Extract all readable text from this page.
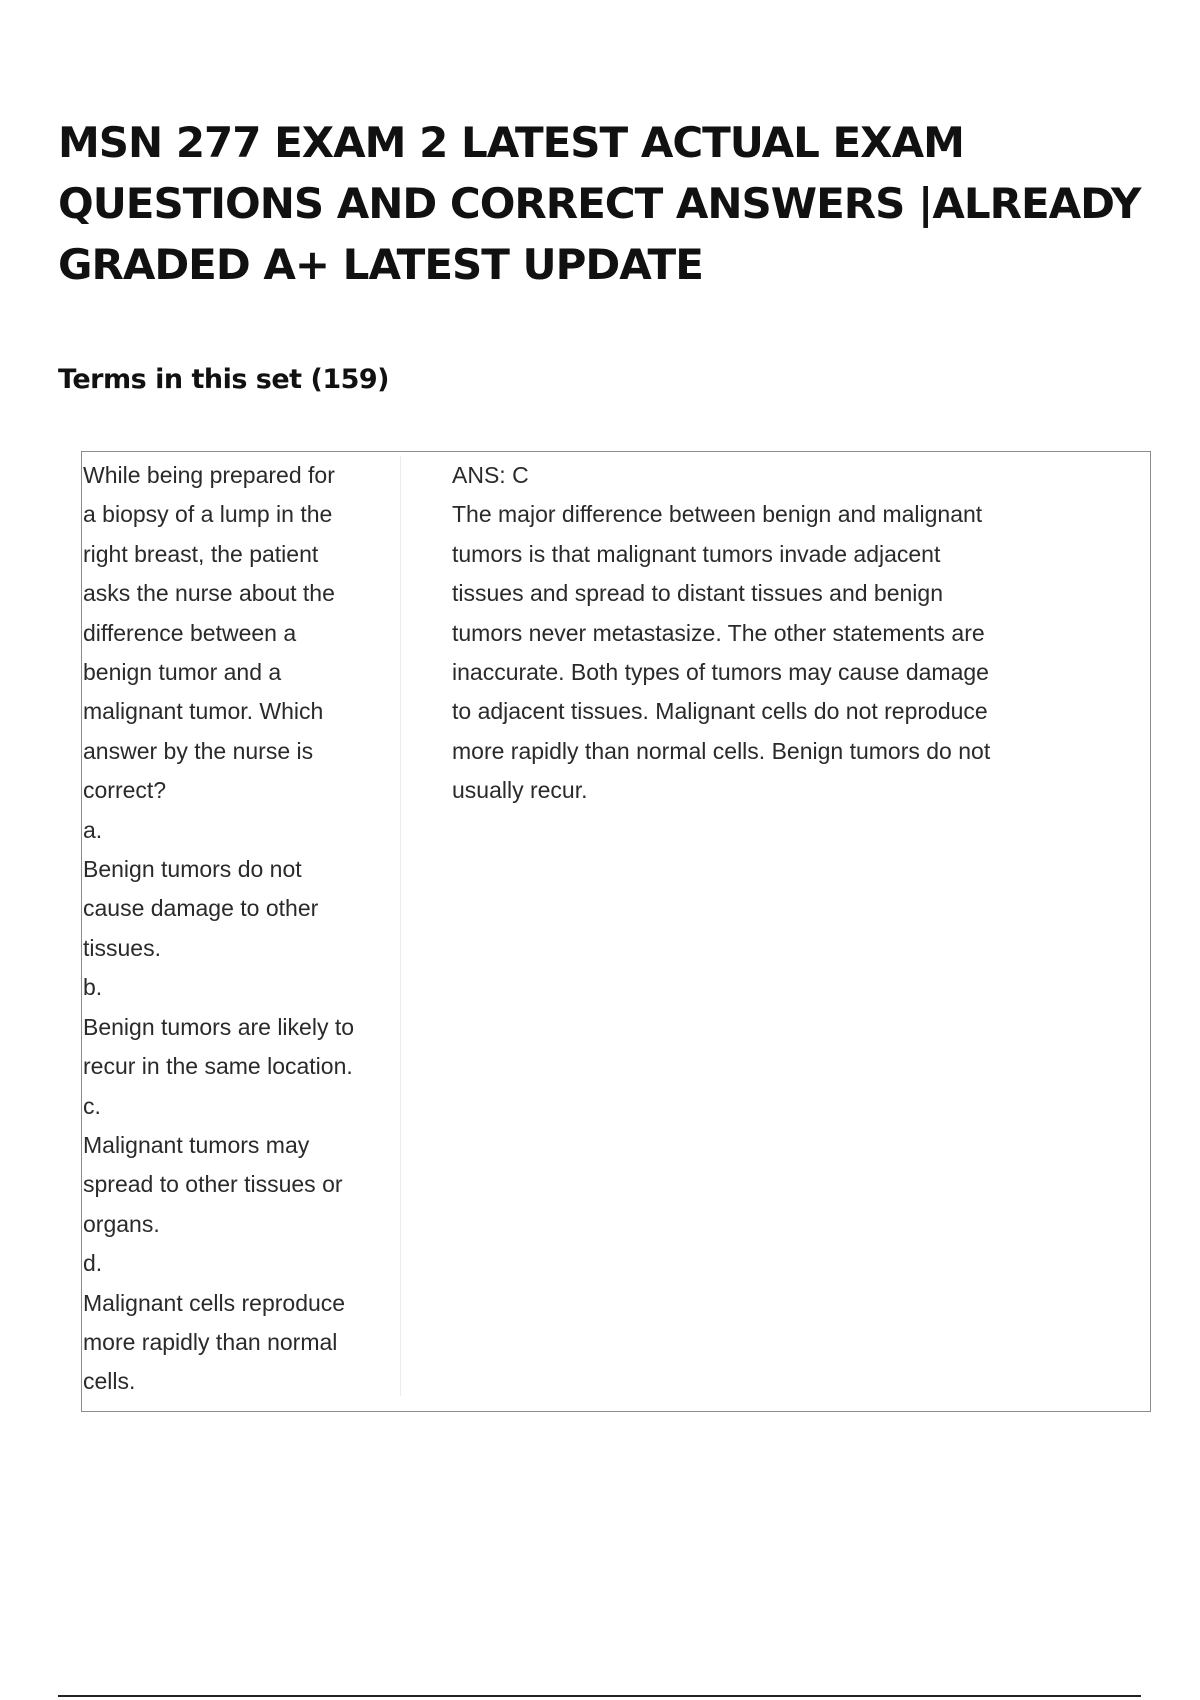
MSN 277 EXAM 2 LATEST ACTUAL EXAM
QUESTIONS AND CORRECT ANSWERS |ALREADY
GRADED A+ LATEST UPDATE
Terms in this set (159)
While being prepared for
a biopsy of a lump in the
right breast, the patient
asks the nurse about the
difference between a
benign tumor and a
malignant tumor. Which
answer by the nurse is
correct?
a.
Benign tumors do not
cause damage to other
tissues.
b.
Benign tumors are likely to
recur in the same location.
c.
Malignant tumors may
spread to other tissues or
organs.
d.
Malignant cells reproduce
more rapidly than normal
cells.
ANS: C
The major difference between benign and malignant
tumors is that malignant tumors invade adjacent
tissues and spread to distant tissues and benign
tumors never metastasize. The other statements are
inaccurate. Both types of tumors may cause damage
to adjacent tissues. Malignant cells do not reproduce
more rapidly than normal cells. Benign tumors do not
usually recur.
